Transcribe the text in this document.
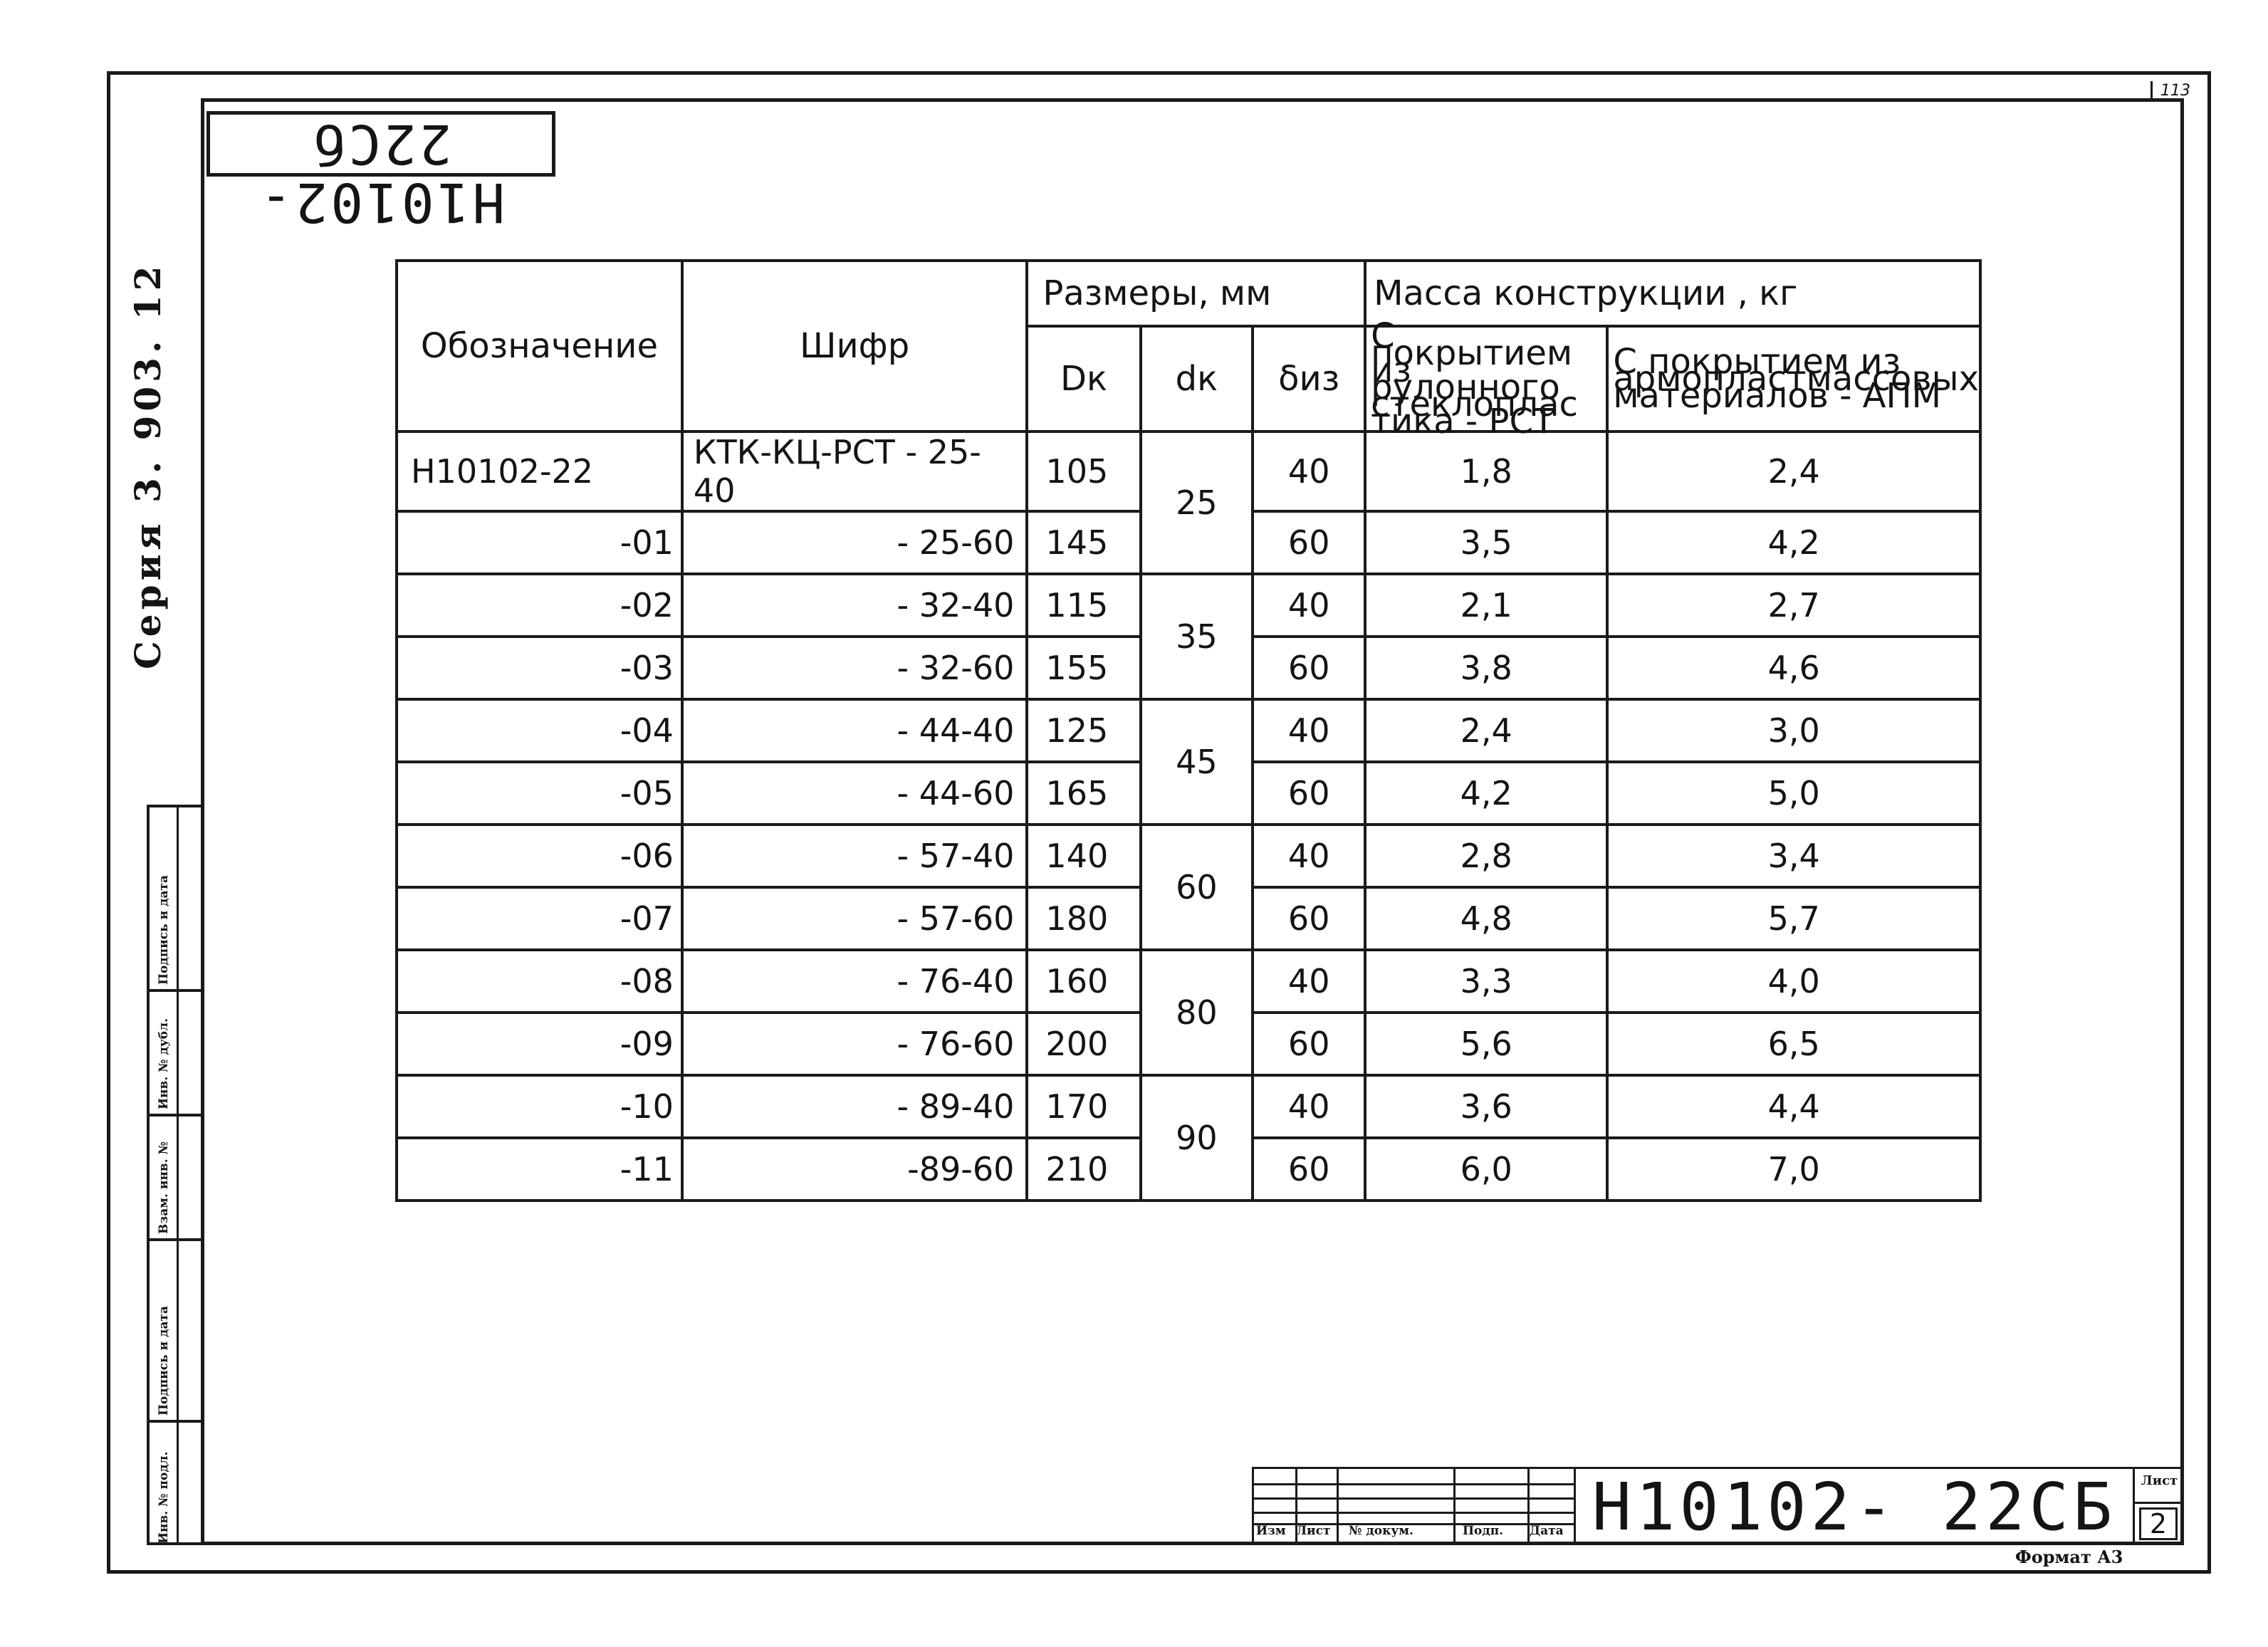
113
Н10102-22Сб
Серия 3. 903. 12
Подпись и дата
Инв. № дубл.
Взам. инв. №
Подпись и дата
Инв. № подл.
Обозначение	Шифр	Размеры, мм			Масса конструкции , кг	
		Dк	dк	δиз	С покрытием из рулонного стеклоплас тика - РСТ	С покрытием из армопластмассовых материалов - АПМ
Н10102-22	КТК-КЦ-РСТ - 25-40	105	25	40	1,8	2,4
-01	- 25-60	145		60	3,5	4,2
-02	- 32-40	115	35	40	2,1	2,7
-03	- 32-60	155		60	3,8	4,6
-04	- 44-40	125	45	40	2,4	3,0
-05	- 44-60	165		60	4,2	5,0
-06	- 57-40	140	60	40	2,8	3,4
-07	- 57-60	180		60	4,8	5,7
-08	- 76-40	160	80	40	3,3	4,0
-09	- 76-60	200		60	5,6	6,5
-10	- 89-40	170	90	40	3,6	4,4
-11	-89-60	210		60	6,0	7,0
Изм Лист № докум.	Подп. Дата Н10102- 22СБ	Лист
2
Формат А3
